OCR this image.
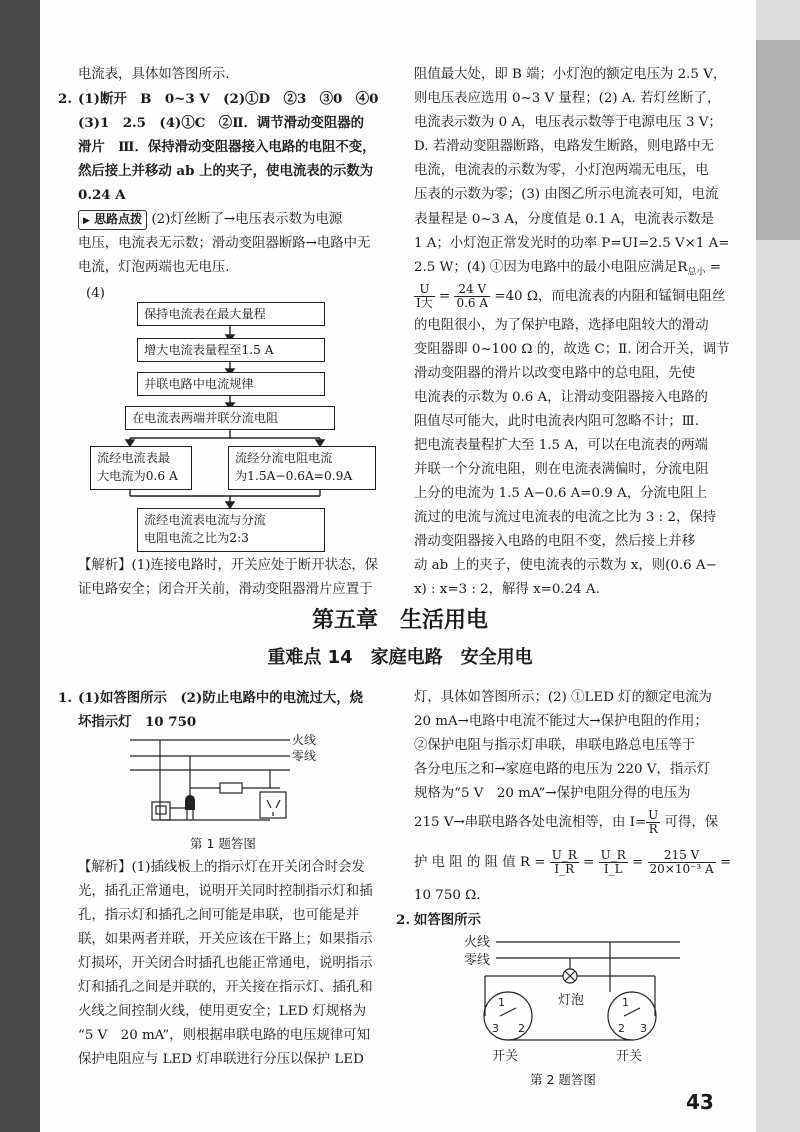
电流表，具体如答图所示.
2. (1)断开　B　0~3 V　(2)①D　②3　③0　④0
(3)1　2.5　(4)①C　②Ⅱ．调节滑动变阻器的
滑片　Ⅲ．保持滑动变阻器接入电路的电阻不变，
然后接上并移动 ab 上的夹子，使电流表的示数为
0.24 A
▶ 思路点拨 (2)灯丝断了→电压表示数为电源
电压，电流表无示数；滑动变阻器断路→电路中无
电流，灯泡两端也无电压.
(4)
保持电流表在最大量程
增大电流表量程至1.5 A
并联电路中电流规律
在电流表两端并联分流电阻
流经电流表最
大电流为0.6 A
流经分流电阻电流
为1.5A−0.6A=0.9A
流经电流表电流与分流
电阻电流之比为2:3
【解析】(1)连接电路时，开关应处于断开状态，保
证电路安全；闭合开关前，滑动变阻器滑片应置于
阻值最大处，即 B 端；小灯泡的额定电压为 2.5 V，
则电压表应选用 0~3 V 量程；(2) A. 若灯丝断了，
电流表示数为 0 A，电压表示数等于电源电压 3 V；
D. 若滑动变阻器断路，电路发生断路，则电路中无
电流，电流表的示数为零，小灯泡两端无电压，电
压表的示数为零；(3) 由图乙所示电流表可知，电流
表量程是 0~3 A，分度值是 0.1 A，电流表示数是
1 A；小灯泡正常发光时的功率 P=UI=2.5 V×1 A=
2.5 W；(4) ①因为电路中的最小电阻应满足$R_{总小}$ =
$\frac{U}{\text{I大}} = \frac{24 V}{0.6 A} =40$ Ω，而电流表的内阻和锰铜电阻丝
的电阻很小，为了保护电路，选择电阻较大的滑动
变阻器即 0~100 Ω 的，故选 C；Ⅱ. 闭合开关，调节
滑动变阻器的滑片以改变电路中的总电阻，先使
电流表的示数为 0.6 A，让滑动变阻器接入电路的
阻值尽可能大，此时电流表内阻可忽略不计；Ⅲ.
把电流表量程扩大至 1.5 A，可以在电流表的两端
并联一个分流电阻，则在电流表满偏时，分流电阻
上分的电流为 1.5 A−0.6 A=0.9 A，分流电阻上
流过的电流与流过电流表的电流之比为 3 : 2，保持
滑动变阻器接入电路的电阻不变，然后接上并移
动 ab 上的夹子，使电流表的示数为 x，则(0.6 A−
x) : x=3 : 2，解得 x=0.24 A.
第五章　生活用电
重难点 14　家庭电路　安全用电
1. (1)如答图所示　(2)防止电路中的电流过大，烧
坏指示灯　10 750
火线
零线
第 1 题答图
【解析】(1)插线板上的指示灯在开关闭合时会发
光，插孔正常通电，说明开关同时控制指示灯和插
孔，指示灯和插孔之间可能是串联，也可能是并
联，如果两者并联，开关应该在干路上；如果指示
灯损坏，开关闭合时插孔也能正常通电，说明指示
灯和插孔之间是并联的，开关接在指示灯、插孔和
火线之间控制火线，使用更安全；LED 灯规格为
“5 V　20 mA”，则根据串联电路的电压规律可知
保护电阻应与 LED 灯串联进行分压以保护 LED
灯，具体如答图所示；(2) ①LED 灯的额定电流为
20 mA→电路中电流不能过大→保护电阻的作用；
②保护电阻与指示灯串联，串联电路总电压等于
各分电压之和→家庭电路的电压为 220 V，指示灯
规格为“5 V　20 mA”→保护电阻分得的电压为
215 V→串联电路各处电流相等，由 $I= \frac{U}{R}$ 可得，保
护 电 阻 的 阻 值 $R = \frac{U\_R}{I\_R} = \frac{U\_R}{I\_L} = \frac{215 V}{\text{20×10⁻³ A}}$ =
10 750 Ω.
2. 如答图所示
火线
零线
1
2
3
1
2 3
灯泡
开关	开关
第 2 题答图
43
